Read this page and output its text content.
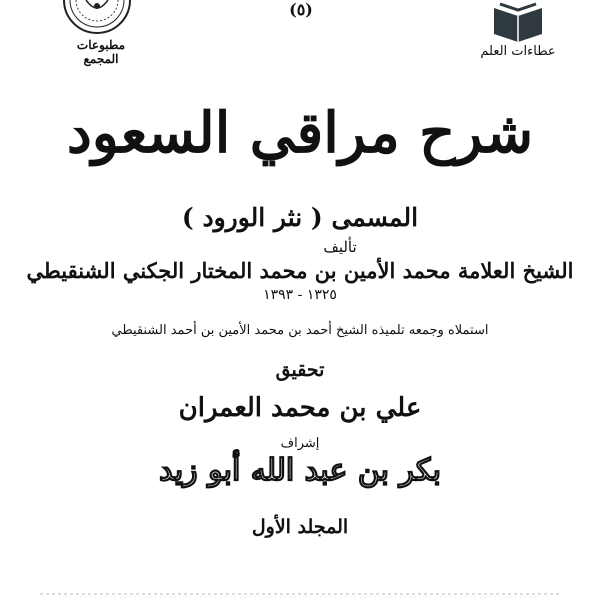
مطبوعات المجمع
(٥)
عطاءات العلم
شرح مراقي السعود
المسمى ( نثر الورود )
تأليف
الشيخ العلامة محمد الأمين بن محمد المختار الجكني الشنقيطي
١٣٢٥ - ١٣٩٣
استملاه وجمعه تلميذه الشيخ أحمد بن محمد الأمين بن أحمد الشنقيطي
تحقيق
علي بن محمد العمران
إشراف
بكر بن عبد الله أبو زيد
المجلد الأول
